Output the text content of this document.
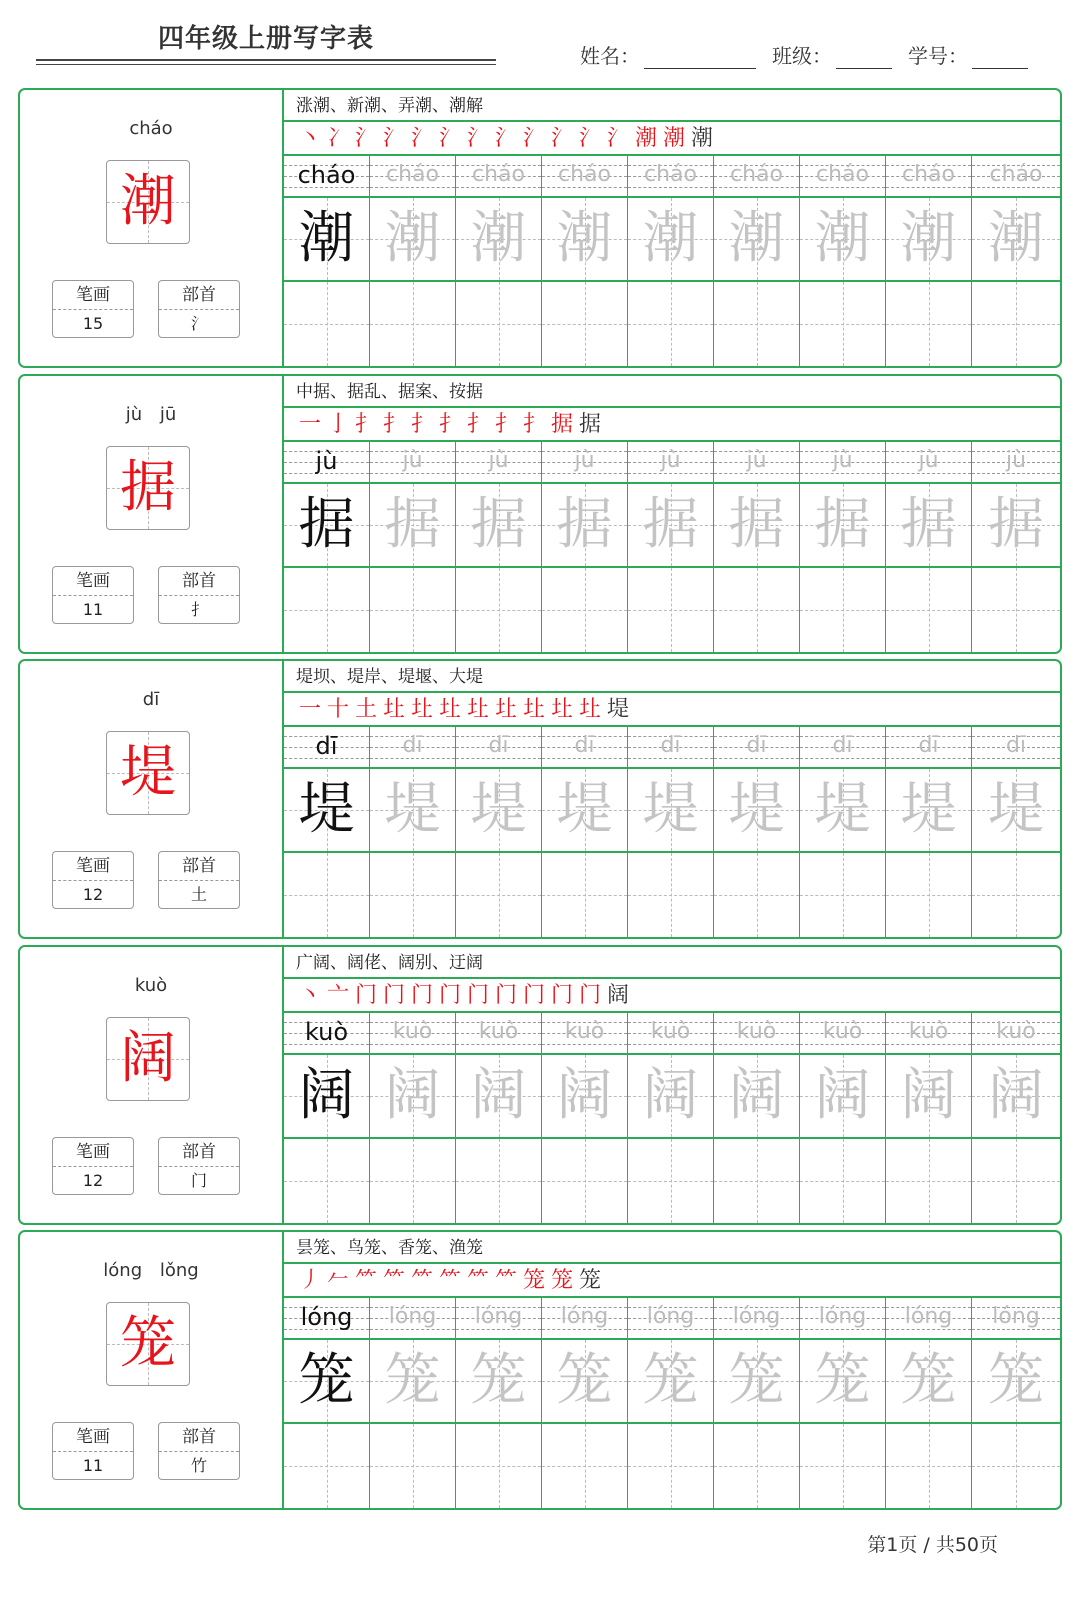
四年级上册写字表
姓名：	班级：	学号：
cháo
潮
笔画
15
部首
氵
涨潮、新潮、弄潮、潮解
丶 冫 氵 氵 氵 氵 氵 氵 氵 氵 氵 氵 潮 潮 潮
cháo
潮
cháo
潮
cháo
潮
cháo
潮
cháo
潮
cháo
潮
cháo
潮
cháo
潮
cháo
潮
jù jū
据
笔画
11
部首
扌
中据、据乱、据案、按据
一 亅 扌 扌 扌 扌 扌 扌 扌 据 据
jù
据
jù
据
jù
据
jù
据
jù
据
jù
据
jù
据
jù
据
jù
据
dī
堤
笔画
12
部首
土
堤坝、堤岸、堤堰、大堤
一 十 土 圵 圵 圵 圵 圵 圵 圵 圵 堤
dī
堤
dī
堤
dī
堤
dī
堤
dī
堤
dī
堤
dī
堤
dī
堤
dī
堤
kuò
阔
笔画
12
部首
门
广阔、阔佬、阔别、迂阔
丶 亠 门 门 门 门 门 门 门 门 门 阔
kuò
阔
kuò
阔
kuò
阔
kuò
阔
kuò
阔
kuò
阔
kuò
阔
kuò
阔
kuò
阔
lóng lǒng
笼
笔画
11
部首
竹
昙笼、鸟笼、香笼、渔笼
丿 𠂉 ⺮ ⺮ ⺮ ⺮ ⺮ ⺮ 笼 笼 笼
lóng
笼
lóng
笼
lóng
笼
lóng
笼
lóng
笼
lóng
笼
lóng
笼
lóng
笼
lóng
笼
第1页 / 共50页
